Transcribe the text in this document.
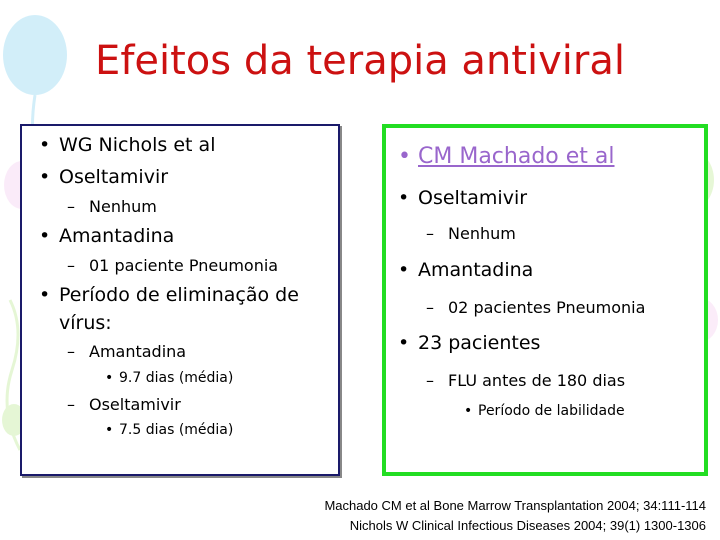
Efeitos da terapia antiviral
• WG Nichols et al
• Oseltamivir
– Nenhum
• Amantadina
– 01 paciente Pneumonia
• Período de eliminação de
vírus:
– Amantadina
• 9.7 dias (média)
– Oseltamivir
• 7.5 dias (média)
• CM Machado et al
• Oseltamivir
– Nenhum
• Amantadina
– 02 pacientes Pneumonia
• 23 pacientes
– FLU antes de 180 dias
• Período de labilidade
Machado CM et al Bone Marrow Transplantation 2004; 34:111-114
Nichols W Clinical Infectious Diseases 2004; 39(1) 1300-1306
